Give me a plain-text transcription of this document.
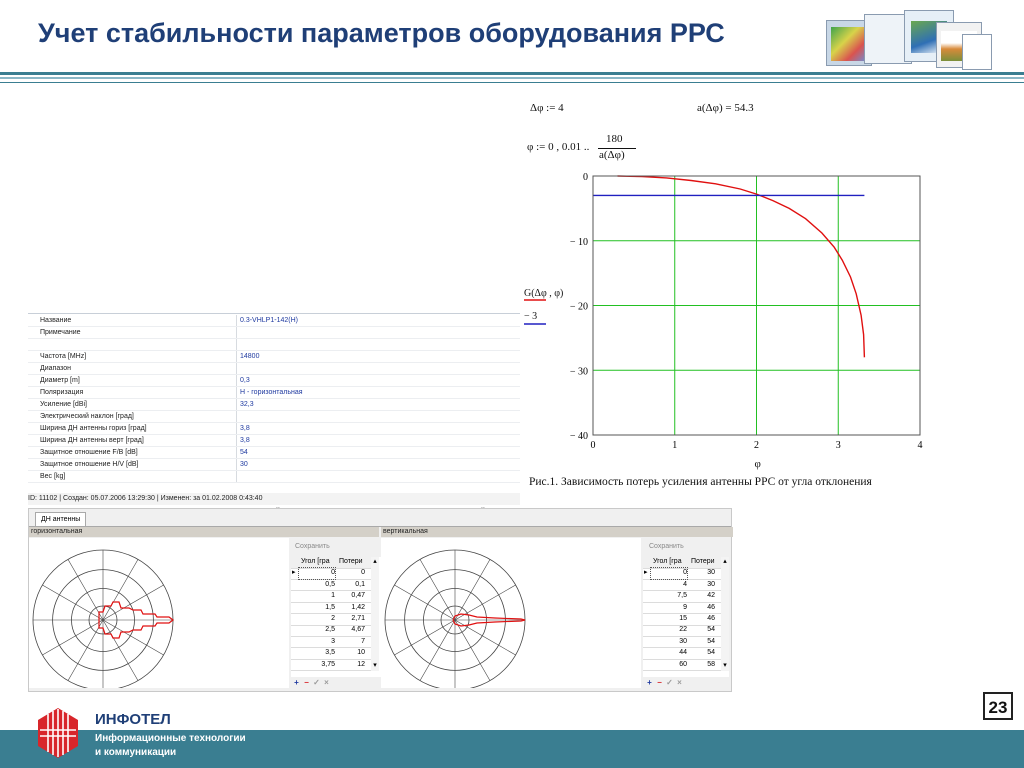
Учет стабильности параметров оборудования РРС
Δφ := 4	a(Δφ) = 54.3
φ := 0 , 0.01 ..
180
a(Δφ)
0	1	2	3	4
0
− 10
− 20
− 30
− 40
φ
G(Δφ , φ)
− 3
Рис.1. Зависимость потерь усиления антенны РРС от угла отклонения
Название	0.3-VHLP1-142(H)
Примечание
Частота [MHz]	14800
Диапазон
Диаметр [m]	0,3
Поляризация	H - горизонтальная
Усиление [dBi]	32,3
Электрический наклон [град]
Ширина ДН антенны гориз [град]	3,8
Ширина ДН антенны верт [град]	3,8
Защитное отношение F/B [dB]	54
Защитное отношение H/V [dB]	30
Вес [kg]
ID: 11102 | Создан: 05.07.2006 13:29:30 | Изменен: за 01.02.2008 0:43:40
ДН антенны
горизонтальная
Сохранить
Угол [гра	Потери
▸	0	0
0,5	0,1
1	0,47
1,5	1,42
2	2,71
2,5	4,67
3	7
3,5	10
3,75	12
▴
▾
+ − ✓ ×
вертикальная
Сохранить
Угол [гра	Потери
▸	0	30
4	30
7,5	42
9	46
15	46
22	54
30	54
44	54
60	58
▴
▾
+ − ✓ ×
ИНФОТЕЛ
Информационные технологии
и коммуникации
23
